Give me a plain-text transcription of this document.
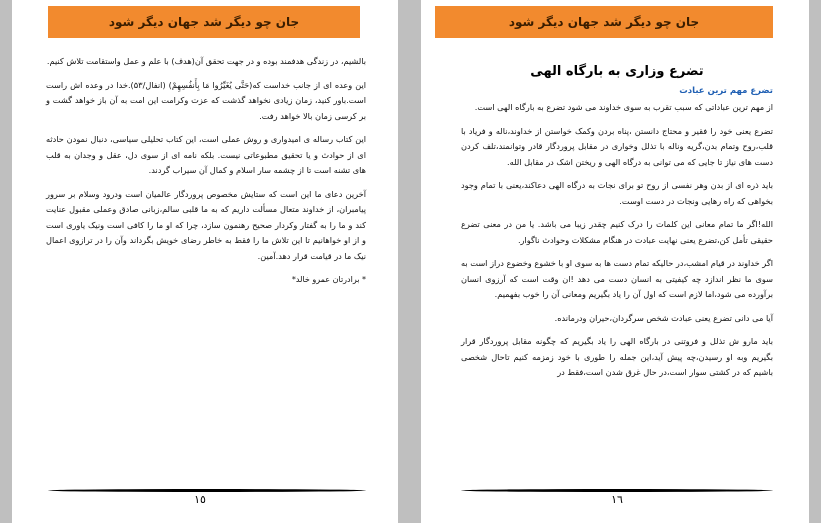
جان چو دیگر شد جهان دیگر شود

بالشیم، در زندگی هدفمند بوده و در جهت تحقق آن(هدف) با علم و عمل واستقامت تلاش کنیم.

این وعده ای از جانب خداست که(حَتَّى يُغَيِّرُوا مَا بِأَنفُسِهِمْ) (انفال/۵۳).خدا در وعده اش راست است.باور کنید، زمان زیادی نخواهد گذشت که عزت وکرامت این امت به آن باز خواهد گشت و بر کرسی زمان بالا خواهد رفت.

این کتاب رساله ی امیدواری و روش عملی است، این کتاب تحلیلی سیاسی، دنبال نمودن حادثه ای از حوادث و یا تحقیق مطبوعاتی نیست. بلکه نامه ای از سوی دل، عقل و وجدان به قلب های تشنه است تا از چشمه سار اسلام و کمال آن سیراب گردند.

آخرین دعای ما این است که ستایش مخصوص پروردگار عالمیان است ودرود وسلام بر سرور پیامبران، از خداوند متعال مسألت داریم که به ما قلبی سالم،زبانی صادق وعملی مقبول عنایت کند و ما را به گفتار وکردار صحیح رهنمون سازد، چرا که او ما را کافی است ونیک یاوری است و از او خواهانیم تا این تلاش ما را فقط به خاطر رضای خویش بگرداند وآن را در ترازوی اعمال نیک ما در قیامت قرار دهد.آمین.

* برادرتان عمرو خالد*

١٥
جان چو دیگر شد جهان دیگر شود
تضرع وزاری به بارگاه الهی
تضرع مهم ترین عبادت

از مهم ترین عباداتی که سبب تقرب به سوی خداوند می شود تضرع به بارگاه الهی است.

تضرع یعنی خود را فقیر و محتاج دانستن ،پناه بردن وکمک خواستن از خداوند،ناله و فریاد با قلب،روح وتمام بدن،گریه وناله با تذلل وخواری در مقابل پروردگار قادر وتوانمند،تلف کردن دست های نیاز تا جایی که می توانی به درگاه الهی و ریختن اشک در مقابل الله.

باید ذره ای از بدن وهر نفسی از روح تو برای نجات به درگاه الهی دعاکند،یعنی با تمام وجود بخواهی که راه رهایی ونجات در دست اوست.

الله!اگر ما تمام معانی این کلمات را درک کنیم چقدر زیبا می باشد. یا من در معنی تضرع حقیقی تأمل کن،تضرع یعنی نهایت عبادت در هنگام مشکلات وحوادث ناگوار.

اگر خداوند در قیام امشب،در حالیکه تمام دست ها به سوی او با خشوع وخضوع دراز است به سوی ما نظر اندازد چه کیفیتی به انسان دست می دهد !ان وقت است که آرزوی انسان برآورده می شود،اما لازم است که اول آن را یاد بگیریم ومعانی آن را خوب بفهمیم.

آیا می دانی تضرع یعنی عبادت شخص سرگردان،حیران ودرمانده.

باید مارو ش تذلل و فروتنی در بارگاه الهی را یاد بگیریم که چگونه مقابل پروردگار قرار بگیریم وبه او رسیدن،چه پیش آید،این جمله را طوری با خود زمزمه کنیم تاحال شخصی باشیم که در کشتی سوار است،در حال غرق شدن است،فقط در

١٦
